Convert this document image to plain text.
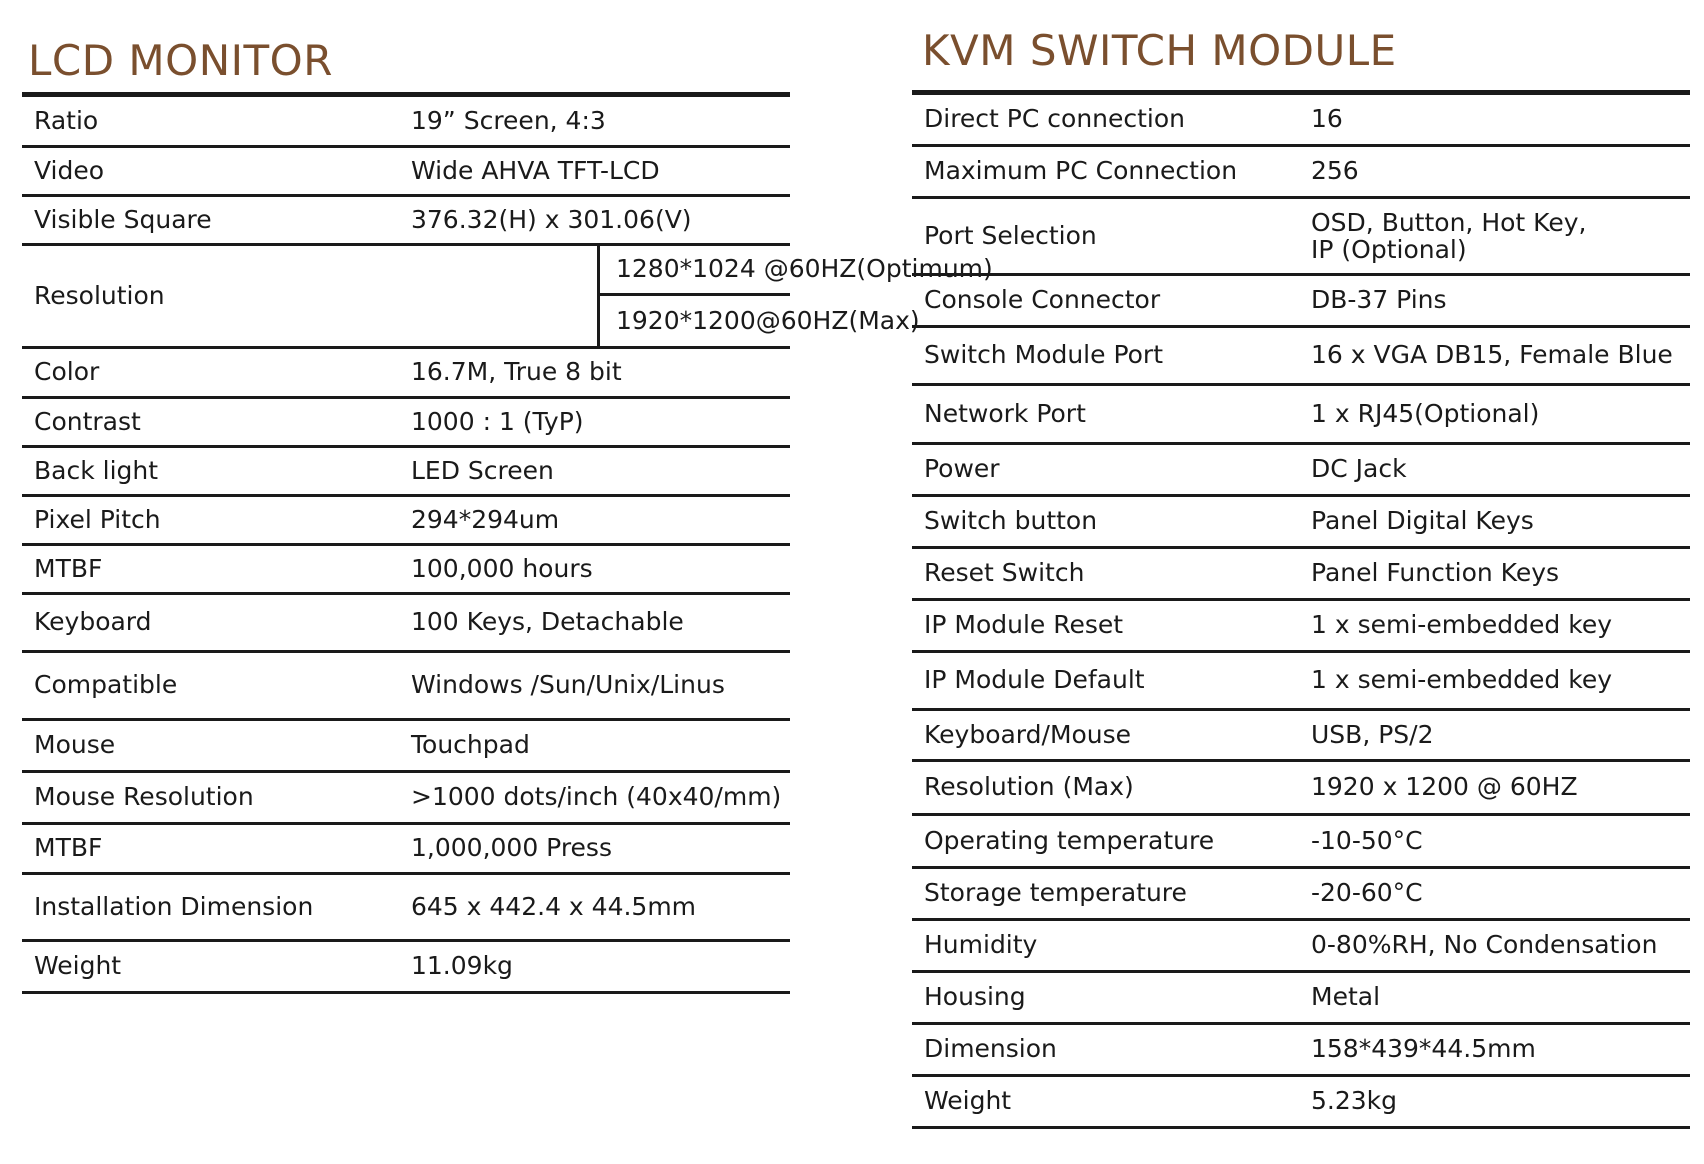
LCD MONITOR
Ratio	19” Screen, 4:3	
Video	Wide AHVA TFT-LCD	
Visible Square	376.32(H) x 301.06(V)	
Resolution		1280*1024 @60HZ(Optimum)
		1920*1200@60HZ(Max)
Color	16.7M, True 8 bit	
Contrast	1000 : 1 (TyP)	
Back light	LED Screen	
Pixel Pitch	294*294um	
MTBF	100,000 hours	
Keyboard	100 Keys, Detachable	
Compatible	Windows /Sun/Unix/Linus	
Mouse	Touchpad	
Mouse Resolution	>1000 dots/inch (40x40/mm)	
MTBF	1,000,000 Press	
Installation Dimension	645 x 442.4 x 44.5mm	
Weight	11.09kg	
KVM SWITCH MODULE
Direct PC connection	16
Maximum PC Connection	256
Port Selection	OSD, Button, Hot Key,
IP (Optional)
Console Connector	DB-37 Pins
Switch Module Port	16 x VGA DB15, Female Blue
Network Port	1 x RJ45(Optional)
Power	DC Jack
Switch button	Panel Digital Keys
Reset Switch	Panel Function Keys
IP Module Reset	1 x semi-embedded key
IP Module Default	1 x semi-embedded key
Keyboard/Mouse	USB, PS/2
Resolution (Max)	1920 x 1200 @ 60HZ
Operating temperature	-10-50°C
Storage temperature	-20-60°C
Humidity	0-80%RH, No Condensation
Housing	Metal
Dimension	158*439*44.5mm
Weight	5.23kg
